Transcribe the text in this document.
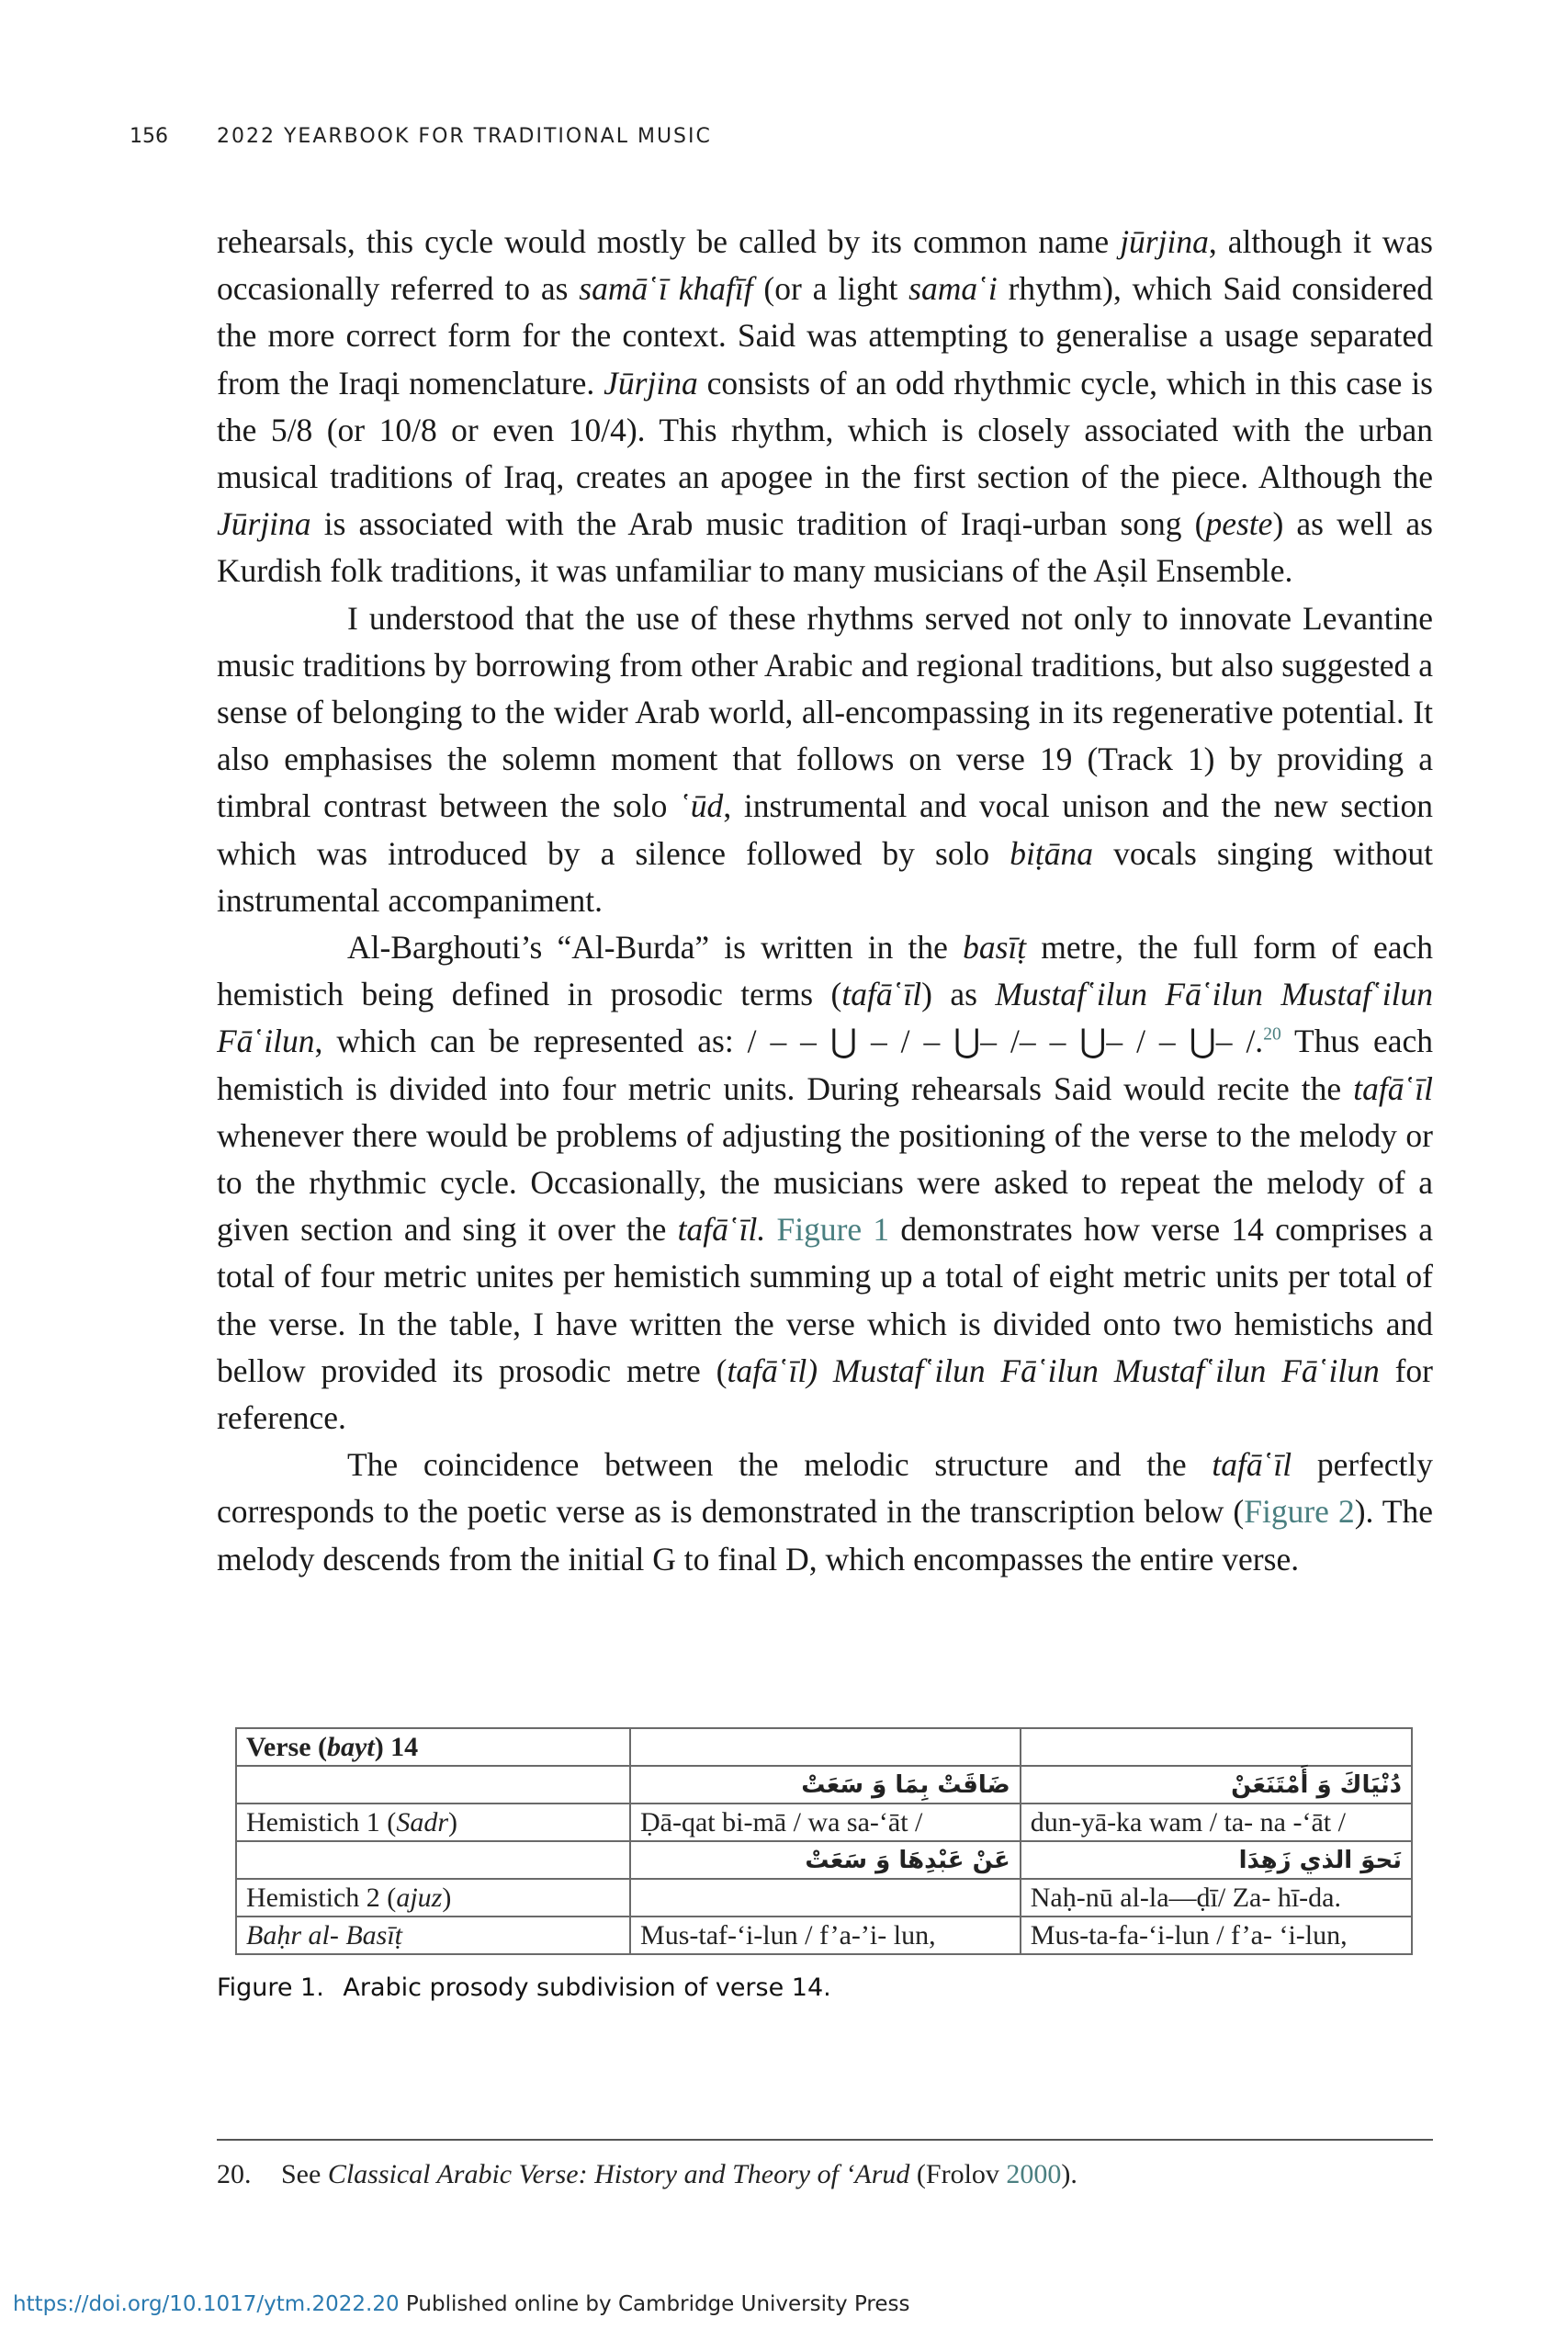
156 2022 YEARBOOK FOR TRADITIONAL MUSIC

rehearsals, this cycle would mostly be called by its common name jūrjina, although it was occasionally referred to as samā῾ī khafīf (or a light sama῾i rhythm), which Said considered the more correct form for the context. Said was attempting to generalise a usage separated from the Iraqi nomenclature. Jūrjina consists of an odd rhythmic cycle, which in this case is the 5/8 (or 10/8 or even 10/4). This rhythm, which is closely associated with the urban musical traditions of Iraq, creates an apogee in the first section of the piece. Although the Jūrjina is associated with the Arab music tradition of Iraqi-urban song (peste) as well as Kurdish folk traditions, it was unfamiliar to many musicians of the Aṣil Ensemble.

I understood that the use of these rhythms served not only to innovate Levantine music traditions by borrowing from other Arabic and regional traditions, but also suggested a sense of belonging to the wider Arab world, all-encompassing in its regenerative potential. It also emphasises the solemn moment that follows on verse 19 (Track 1) by providing a timbral contrast between the solo ῾ūd, instrumental and vocal unison and the new section which was introduced by a silence followed by solo biṭāna vocals singing without instrumental accompaniment.

Al-Barghouti’s “Al-Burda” is written in the basīṭ metre, the full form of each hemistich being defined in prosodic terms (tafā῾īl) as Mustaf῾ilun Fā῾ilun Mustaf῾ilun Fā῾ilun, which can be represented as: / – – ⋃ – / – ⋃– /– – ⋃– / – ⋃– /.$^{20}$ Thus each hemistich is divided into four metric units. During rehearsals Said would recite the tafā῾īl whenever there would be problems of adjusting the positioning of the verse to the melody or to the rhythmic cycle. Occasionally, the musicians were asked to repeat the melody of a given section and sing it over the tafā῾īl. Figure 1 demonstrates how verse 14 comprises a total of four metric unites per hemistich summing up a total of eight metric units per total of the verse. In the table, I have written the verse which is divided onto two hemistichs and bellow provided its prosodic metre (tafā῾īl) Mustaf῾ilun Fā῾ilun Mustaf῾ilun Fā῾ilun for reference.

The coincidence between the melodic structure and the tafā῾īl perfectly corresponds to the poetic verse as is demonstrated in the transcription below (Figure 2). The melody descends from the initial G to final D, which encompasses the entire verse.

Verse (bayt) 14		
	ضَاقَتْ بِمَا وَ سَعَتْ	دُنْيَاكَ وَ أَمْتَنَعَنْ
Hemistich 1 (Sadr)	Ḍā-qat bi-mā / wa sa-‘āt /	dun-yā-ka wam / ta- na -‘āt /
	عَنْ عَبْدِهَا وَ سَعَتْ	نَحوَ الذي زَهِدَا
Hemistich 2 (ajuz)		Naḥ-nū al-la—ḍī/ Za- hī-da.
Baḥr al- Basīṭ	Mus-taf-‘i-lun / f’a-’i- lun,	Mus-ta-fa-‘i-lun / f’a- ‘i-lun,
Figure 1. Arabic prosody subdivision of verse 14.
20. See Classical Arabic Verse: History and Theory of ‘Arud (Frolov 2000).
https://doi.org/10.1017/ytm.2022.20 Published online by Cambridge University Press
